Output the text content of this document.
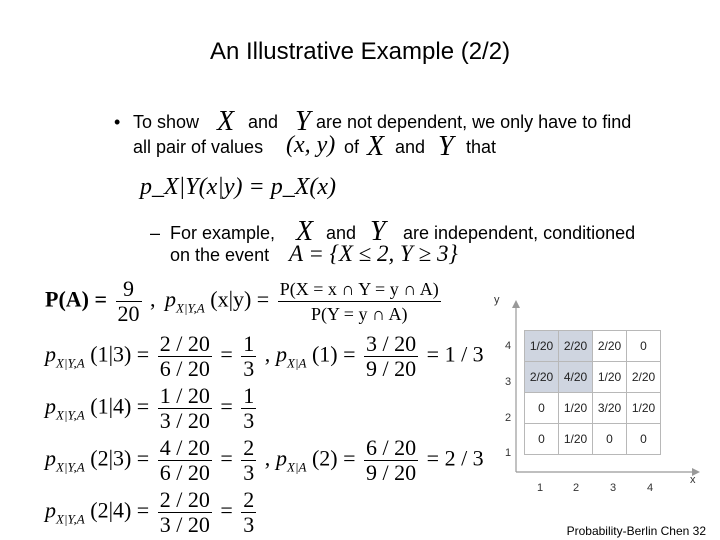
An Illustrative Example (2/2)
• To show X and Y are not dependent, we only have to find
all pair of values (x, y) of X and Y that
p_X|Y(x|y) = p_X(x)
– For example, X and Y are independent, conditioned
on the event A = {X ≤ 2, Y ≥ 3}
$P(A) = \frac{9}{20}$ , $p_{X|Y,A}$ $(x|y) = \frac{P(X = x \cap Y = y \cap A)}{P(Y = y \cap A)}$
$p_{X|Y,A}$ $(1|3) = \frac{2 / 20}{6 / 20} = \frac{1}{3}$ , $p_{X|A}$ $(1) = \frac{3 / 20}{9 / 20} = 1 / 3$
$p_{X|Y,A}$ $(1|4) = \frac{1 / 20}{3 / 20} = \frac{1}{3}$
$p_{X|Y,A}$ $(2|3) = \frac{4 / 20}{6 / 20} = \frac{2}{3}$ , $p_{X|A}$ $(2) = \frac{6 / 20}{9 / 20} = 2 / 3$
$p_{X|Y,A}$ $(2|4) = \frac{2 / 20}{3 / 20} = \frac{2}{3}$
y
x
1/20	2/20	2/20	0
2/20	4/20	1/20	2/20
0	1/20	3/20	1/20
0	1/20	0	0
4
3
2
1
1	2	3	4
Probability-Berlin Chen 32
